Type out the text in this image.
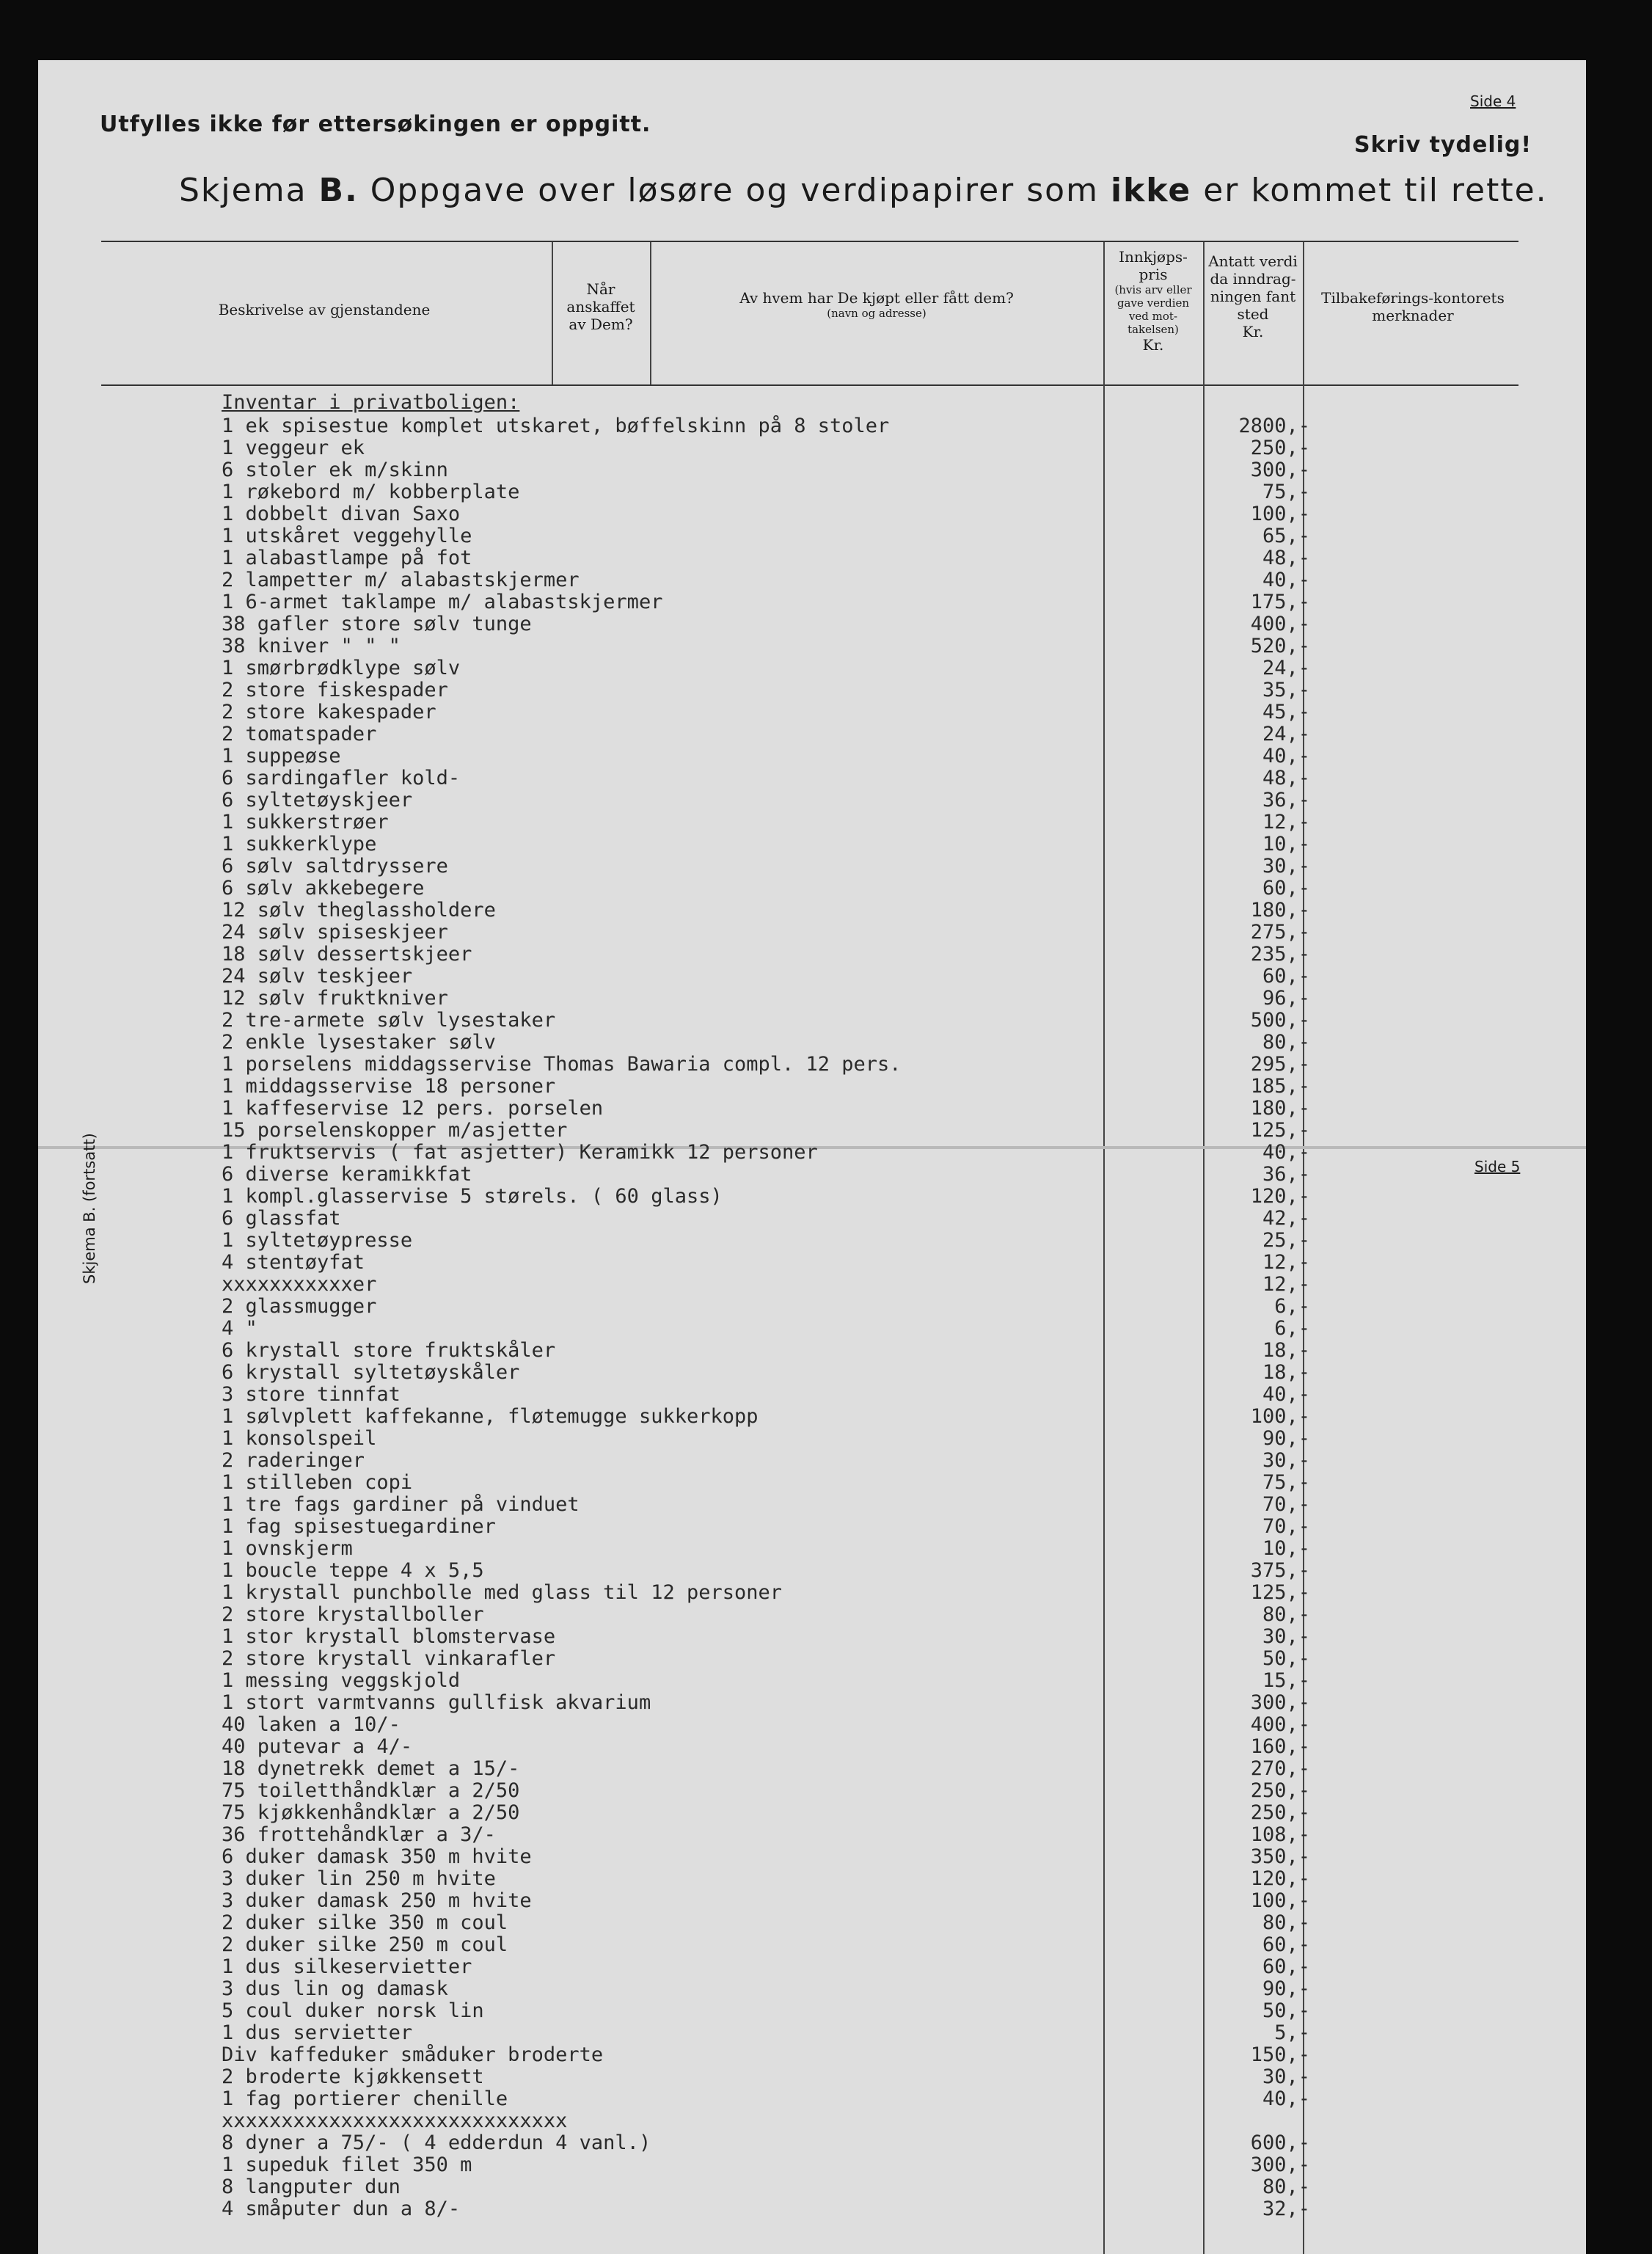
Utfylles ikke før ettersøkingen er oppgitt.
Side 4
Skriv tydelig!
Skjema B. Oppgave over løsøre og verdipapirer som ikke er kommet til rette.
Beskrivelse av gjenstandene
Når anskaffet av Dem?
Av hvem har De kjøpt eller fått dem?
(navn og adresse)
Innkjøps-pris
(hvis arv eller gave verdien ved mot-takelsen)
Kr.
Antatt verdi da inndrag-ningen fant sted
Kr.
Tilbakeførings-kontorets merknader
Side 5
Skjema B. (fortsatt)
Inventar i privatboligen:
1 ek spisestue komplet utskaret, bøffelskinn på 8 stoler	2800,-
1 veggeur ek	250,-
6 stoler ek m/skinn	300,-
1 røkebord m/ kobberplate	75,-
1 dobbelt divan Saxo	100,-
1 utskåret veggehylle	65,-
1 alabastlampe på fot	48,-
2 lampetter m/ alabastskjermer	40,-
1 6-armet taklampe m/ alabastskjermer	175,-
38 gafler store sølv tunge	400,-
38 kniver " " "	520,-
1 smørbrødklype sølv	24,-
2 store fiskespader	35,-
2 store kakespader	45,-
2 tomatspader	24,-
1 suppeøse	40,-
6 sardingafler kold-	48,-
6 syltetøyskjeer	36,-
1 sukkerstrøer	12,-
1 sukkerklype	10,-
6 sølv saltdryssere	30,-
6 sølv akkebegere	60,-
12 sølv theglassholdere	180,-
24 sølv spiseskjeer	275,-
18 sølv dessertskjeer	235,-
24 sølv teskjeer	60,-
12 sølv fruktkniver	96,-
2 tre-armete sølv lysestaker	500,-
2 enkle lysestaker sølv	80,-
1 porselens middagsservise Thomas Bawaria compl. 12 pers.	295,-
1 middagsservise 18 personer	185,-
1 kaffeservise 12 pers. porselen	180,-
15 porselenskopper m/asjetter	125,-
1 fruktservis ( fat asjetter) Keramikk 12 personer	40,-
6 diverse keramikkfat	36,-
1 kompl.glasservise 5 størels. ( 60 glass)	120,-
6 glassfat	42,-
1 syltetøypresse	25,-
4 stentøyfat	12,-
xxxxxxxxxxxer	12,-
2 glassmugger	6,-
4 "	6,-
6 krystall store fruktskåler	18,-
6 krystall syltetøyskåler	18,-
3 store tinnfat	40,-
1 sølvplett kaffekanne, fløtemugge sukkerkopp	100,-
1 konsolspeil	90,-
2 raderinger	30,-
1 stilleben copi	75,-
1 tre fags gardiner på vinduet	70,-
1 fag spisestuegardiner	70,-
1 ovnskjerm	10,-
1 boucle teppe 4 x 5,5	375,-
1 krystall punchbolle med glass til 12 personer	125,-
2 store krystallboller	80,-
1 stor krystall blomstervase	30,-
2 store krystall vinkarafler	50,-
1 messing veggskjold	15,-
1 stort varmtvanns gullfisk akvarium	300,-
40 laken a 10/-	400,-
40 putevar a 4/-	160,-
18 dynetrekk demet a 15/-	270,-
75 toiletthåndklær a 2/50	250,-
75 kjøkkenhåndklær a 2/50	250,-
36 frottehåndklær a 3/-	108,-
6 duker damask 350 m hvite	350,-
3 duker lin 250 m hvite	120,-
3 duker damask 250 m hvite	100,-
2 duker silke 350 m coul	80,-
2 duker silke 250 m coul	60,-
1 dus silkeservietter	60,-
3 dus lin og damask	90,-
5 coul duker norsk lin	50,-
1 dus servietter	5,-
Div kaffeduker småduker broderte	150,-
2 broderte kjøkkensett	30,-
1 fag portierer chenille	40,-
xxxxxxxxxxxxxxxxxxxxxxxxxxxxx
8 dyner a 75/- ( 4 edderdun 4 vanl.)	600,-
1 supeduk filet 350 m	300,-
8 langputer dun	80,-
4 småputer dun a 8/-	32,-
